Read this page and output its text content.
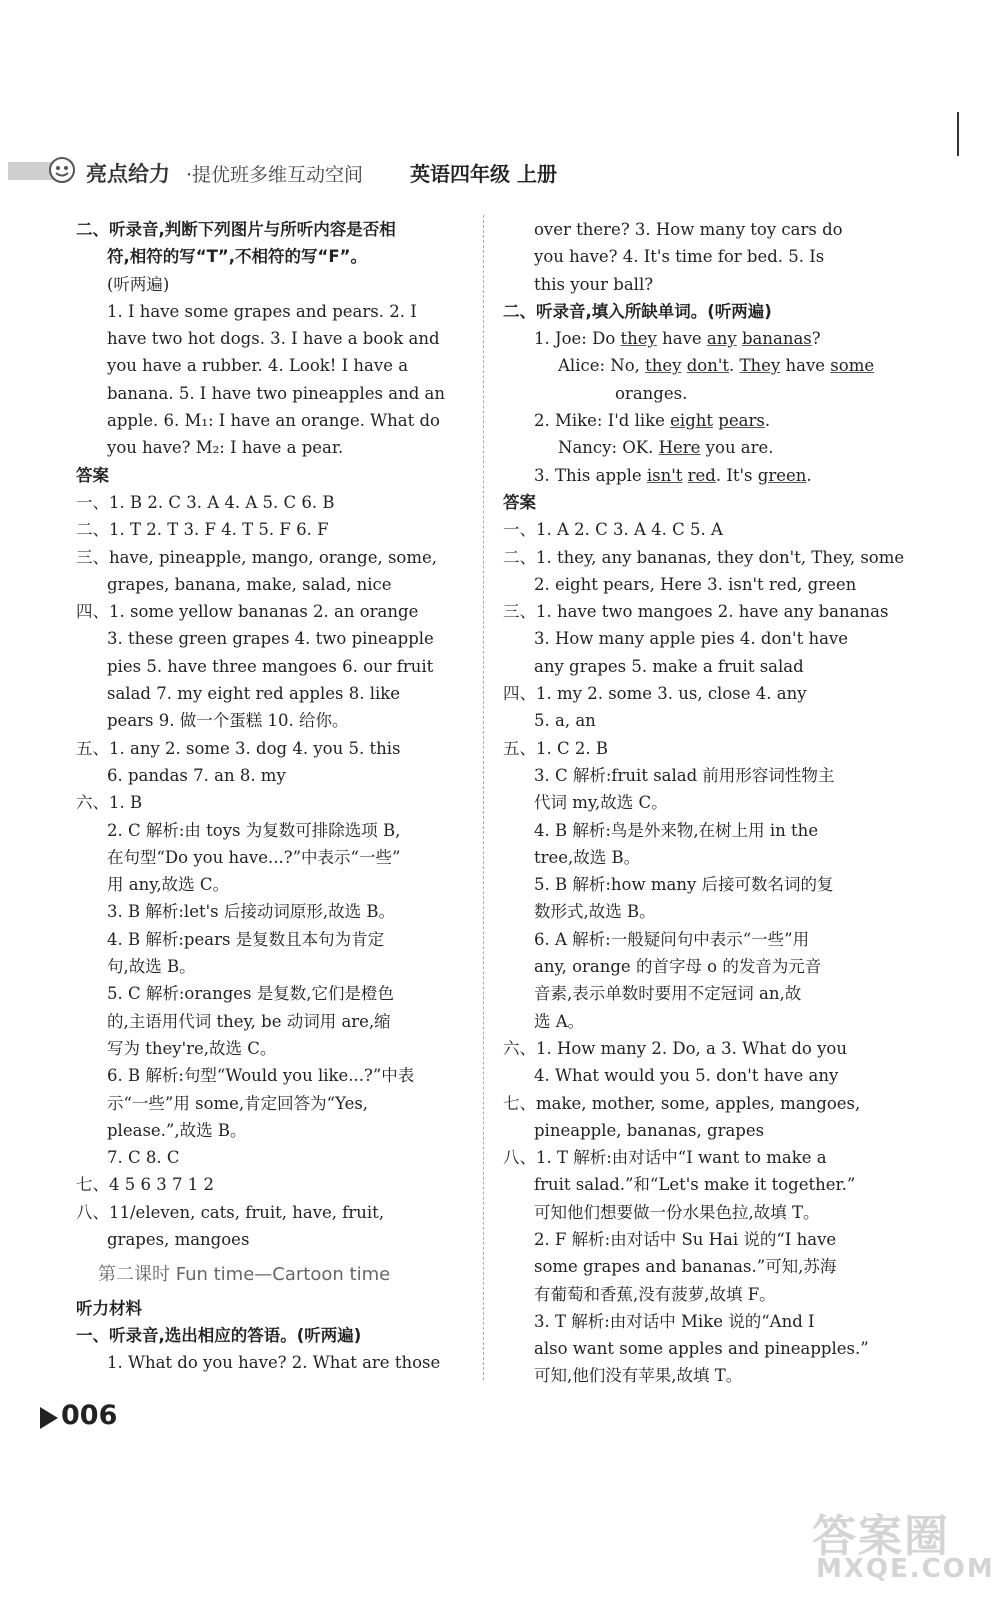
亮点给力 ·提优班多维互动空间 英语四年级 上册
二、听录音,判断下列图片与所听内容是否相
符,相符的写“T”,不相符的写“F”。
(听两遍)
1. I have some grapes and pears. 2. I
have two hot dogs. 3. I have a book and
you have a rubber. 4. Look! I have a
banana. 5. I have two pineapples and an
apple. 6. M₁: I have an orange. What do
you have? M₂: I have a pear.
答案
一、1. B 2. C 3. A 4. A 5. C 6. B
二、1. T 2. T 3. F 4. T 5. F 6. F
三、have, pineapple, mango, orange, some,
grapes, banana, make, salad, nice
四、1. some yellow bananas 2. an orange
3. these green grapes 4. two pineapple
pies 5. have three mangoes 6. our fruit
salad 7. my eight red apples 8. like
pears 9. 做一个蛋糕 10. 给你。
五、1. any 2. some 3. dog 4. you 5. this
6. pandas 7. an 8. my
六、1. B
2. C 解析:由 toys 为复数可排除选项 B,
在句型“Do you have...?”中表示“一些”
用 any,故选 C。
3. B 解析:let's 后接动词原形,故选 B。
4. B 解析:pears 是复数且本句为肯定
句,故选 B。
5. C 解析:oranges 是复数,它们是橙色
的,主语用代词 they, be 动词用 are,缩
写为 they're,故选 C。
6. B 解析:句型“Would you like...?”中表
示“一些”用 some,肯定回答为“Yes,
please.”,故选 B。
7. C 8. C
七、4 5 6 3 7 1 2
八、11/eleven, cats, fruit, have, fruit,
grapes, mangoes
第二课时 Fun time—Cartoon time
听力材料
一、听录音,选出相应的答语。(听两遍)
1. What do you have? 2. What are those
over there? 3. How many toy cars do
you have? 4. It's time for bed. 5. Is
this your ball?
二、听录音,填入所缺单词。(听两遍)
1. Joe: Do they have any bananas?
Alice: No, they don't. They have some
oranges.
2. Mike: I'd like eight pears.
Nancy: OK. Here you are.
3. This apple isn't red. It's green.
答案
一、1. A 2. C 3. A 4. C 5. A
二、1. they, any bananas, they don't, They, some
2. eight pears, Here 3. isn't red, green
三、1. have two mangoes 2. have any bananas
3. How many apple pies 4. don't have
any grapes 5. make a fruit salad
四、1. my 2. some 3. us, close 4. any
5. a, an
五、1. C 2. B
3. C 解析:fruit salad 前用形容词性物主
代词 my,故选 C。
4. B 解析:鸟是外来物,在树上用 in the
tree,故选 B。
5. B 解析:how many 后接可数名词的复
数形式,故选 B。
6. A 解析:一般疑问句中表示“一些”用
any, orange 的首字母 o 的发音为元音
音素,表示单数时要用不定冠词 an,故
选 A。
六、1. How many 2. Do, a 3. What do you
4. What would you 5. don't have any
七、make, mother, some, apples, mangoes,
pineapple, bananas, grapes
八、1. T 解析:由对话中“I want to make a
fruit salad.”和“Let's make it together.”
可知他们想要做一份水果色拉,故填 T。
2. F 解析:由对话中 Su Hai 说的“I have
some grapes and bananas.”可知,苏海
有葡萄和香蕉,没有菠萝,故填 F。
3. T 解析:由对话中 Mike 说的“And I
also want some apples and pineapples.”
可知,他们没有苹果,故填 T。
006
答案圈
MXQE.COM
